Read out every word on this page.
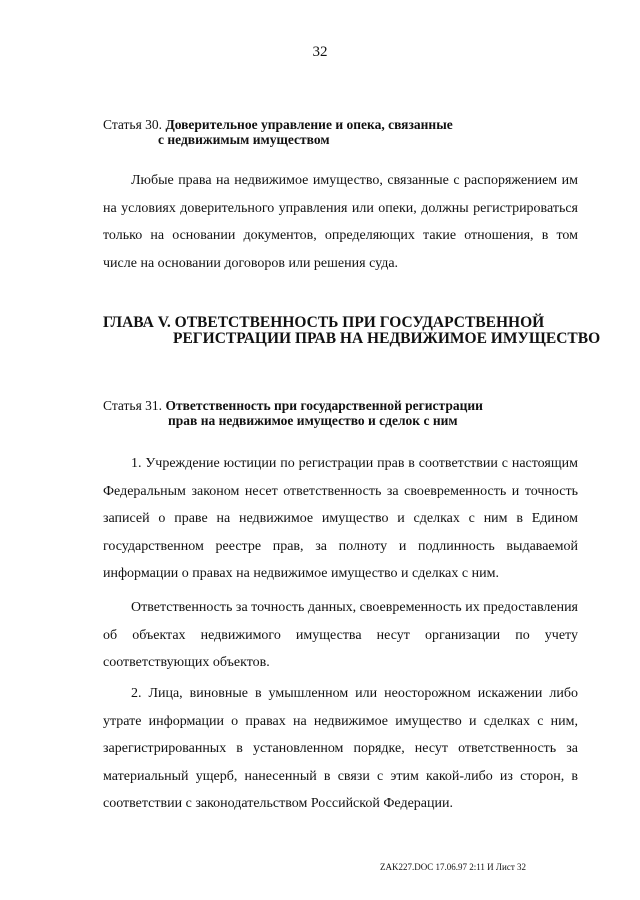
32
Статья 30. Доверительное управление и опека, связанные
с недвижимым имуществом
Любые права на недвижимое имущество, связанные с распоряжением им на условиях доверительного управления или опеки, должны регистрироваться только на основании документов, определяющих такие отношения, в том числе на основании договоров или решения суда.
ГЛАВА V. ОТВЕТСТВЕННОСТЬ ПРИ ГОСУДАРСТВЕННОЙ
РЕГИСТРАЦИИ ПРАВ НА НЕДВИЖИМОЕ ИМУЩЕСТВО
Статья 31. Ответственность при государственной регистрации
прав на недвижимое имущество и сделок с ним
1. Учреждение юстиции по регистрации прав в соответствии с настоящим Федеральным законом несет ответственность за своевременность и точность записей о праве на недвижимое имущество и сделках с ним в Едином государственном реестре прав, за полноту и подлинность выдаваемой информации о правах на недвижимое имущество и сделках с ним.
Ответственность за точность данных, своевременность их предоставления об объектах недвижимого имущества несут организации по учету соответствующих объектов.
2. Лица, виновные в умышленном или неосторожном искажении либо утрате информации о правах на недвижимое имущество и сделках с ним, зарегистрированных в установленном порядке, несут ответственность за материальный ущерб, нанесенный в связи с этим какой-либо из сторон, в соответствии с законодательством Российской Федерации.
ZAK227.DOC 17.06.97 2:11 И Лист 32
